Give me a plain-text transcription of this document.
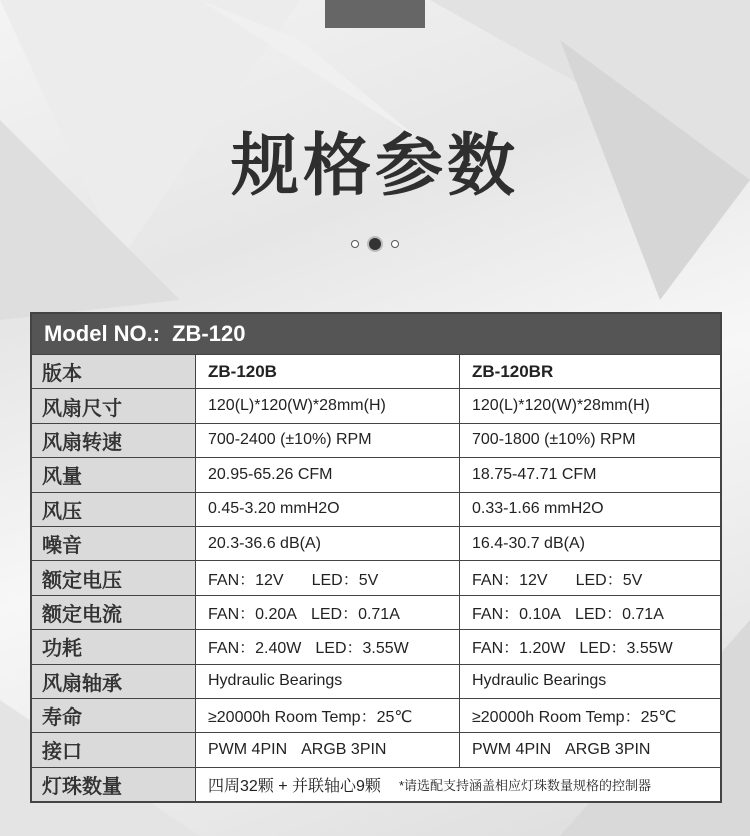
规格参数
Model NO.: ZB-120
版本	ZB-120B	ZB-120BR
风扇尺寸	120(L)*120(W)*28mm(H)	120(L)*120(W)*28mm(H)
风扇转速	700-2400 (±10%) RPM	700-1800 (±10%) RPM
风量	20.95-65.26 CFM	18.75-47.71 CFM
风压	0.45-3.20 mmH2O	0.33-1.66 mmH2O
噪音	20.3-36.6 dB(A)	16.4-30.7 dB(A)
额定电压	FAN：12V LED：5V	FAN：12V LED：5V
额定电流	FAN：0.20A LED：0.71A	FAN：0.10A LED：0.71A
功耗	FAN：2.40W LED：3.55W	FAN：1.20W LED：3.55W
风扇轴承	Hydraulic Bearings	Hydraulic Bearings
寿命	≥20000h Room Temp：25℃	≥20000h Room Temp：25℃
接口	PWM 4PIN ARGB 3PIN	PWM 4PIN ARGB 3PIN
灯珠数量	四周32颗 + 并联轴心9颗 *请选配支持涵盖相应灯珠数量规格的控制器
